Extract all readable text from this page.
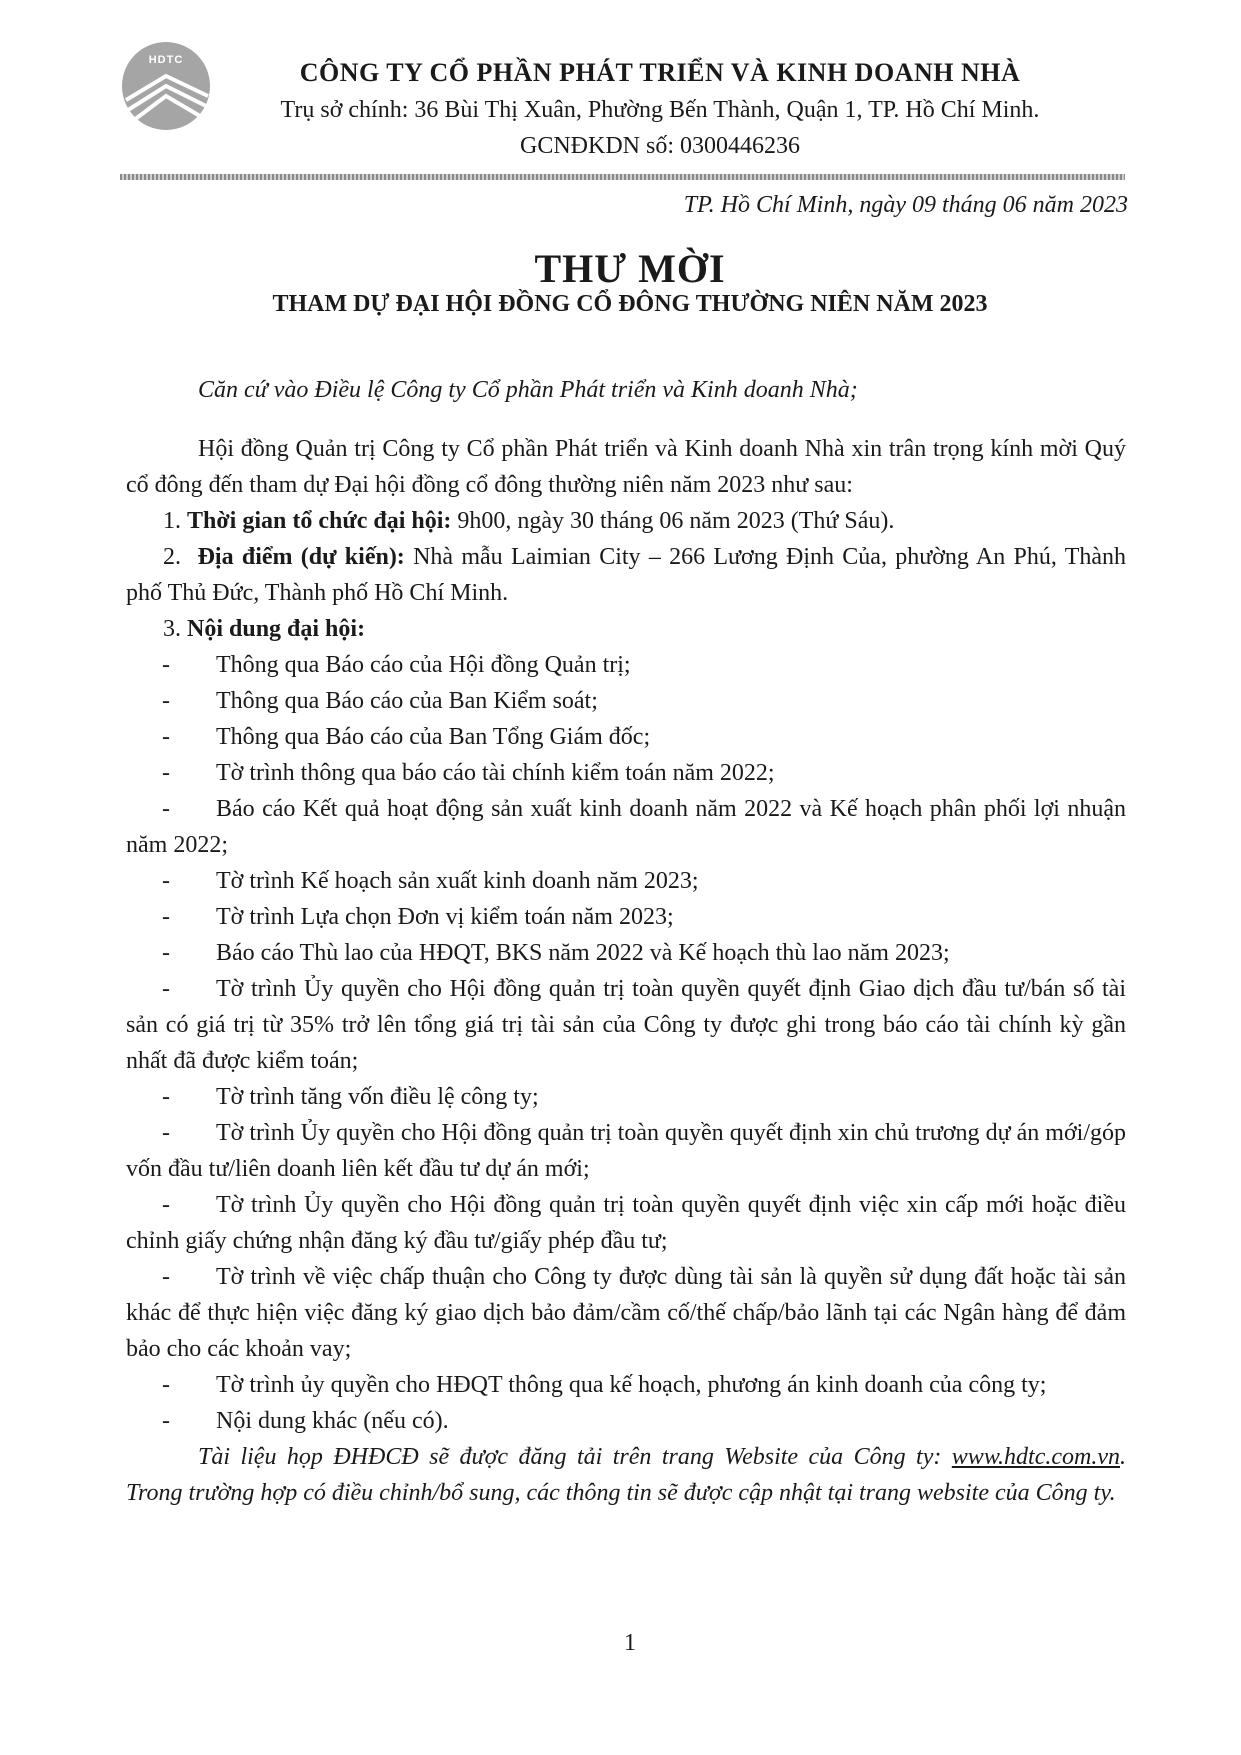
HDTC	CÔNG TY CỔ PHẦN PHÁT TRIỂN VÀ KINH DOANH NHÀ
Trụ sở chính: 36 Bùi Thị Xuân, Phường Bến Thành, Quận 1, TP. Hồ Chí Minh.
GCNĐKDN số: 0300446236
TP. Hồ Chí Minh, ngày 09 tháng 06 năm 2023
THƯ MỜI
THAM DỰ ĐẠI HỘI ĐỒNG CỔ ĐÔNG THƯỜNG NIÊN NĂM 2023

Căn cứ vào Điều lệ Công ty Cổ phần Phát triển và Kinh doanh Nhà;

Hội đồng Quản trị Công ty Cổ phần Phát triển và Kinh doanh Nhà xin trân trọng kính mời Quý cổ đông đến tham dự Đại hội đồng cổ đông thường niên năm 2023 như sau:

1. Thời gian tổ chức đại hội: 9h00, ngày 30 tháng 06 năm 2023 (Thứ Sáu).

2. Địa điểm (dự kiến): Nhà mẫu Laimian City – 266 Lương Định Của, phường An Phú, Thành phố Thủ Đức, Thành phố Hồ Chí Minh.

3. Nội dung đại hội:

- Thông qua Báo cáo của Hội đồng Quản trị;

- Thông qua Báo cáo của Ban Kiểm soát;

- Thông qua Báo cáo của Ban Tổng Giám đốc;

- Tờ trình thông qua báo cáo tài chính kiểm toán năm 2022;

- Báo cáo Kết quả hoạt động sản xuất kinh doanh năm 2022 và Kế hoạch phân phối lợi nhuận năm 2022;

- Tờ trình Kế hoạch sản xuất kinh doanh năm 2023;

- Tờ trình Lựa chọn Đơn vị kiểm toán năm 2023;

- Báo cáo Thù lao của HĐQT, BKS năm 2022 và Kế hoạch thù lao năm 2023;

- Tờ trình Ủy quyền cho Hội đồng quản trị toàn quyền quyết định Giao dịch đầu tư/bán số tài sản có giá trị từ 35% trở lên tổng giá trị tài sản của Công ty được ghi trong báo cáo tài chính kỳ gần nhất đã được kiểm toán;

- Tờ trình tăng vốn điều lệ công ty;

- Tờ trình Ủy quyền cho Hội đồng quản trị toàn quyền quyết định xin chủ trương dự án mới/góp vốn đầu tư/liên doanh liên kết đầu tư dự án mới;

- Tờ trình Ủy quyền cho Hội đồng quản trị toàn quyền quyết định việc xin cấp mới hoặc điều chỉnh giấy chứng nhận đăng ký đầu tư/giấy phép đầu tư;

- Tờ trình về việc chấp thuận cho Công ty được dùng tài sản là quyền sử dụng đất hoặc tài sản khác để thực hiện việc đăng ký giao dịch bảo đảm/cầm cố/thế chấp/bảo lãnh tại các Ngân hàng để đảm bảo cho các khoản vay;

- Tờ trình ủy quyền cho HĐQT thông qua kế hoạch, phương án kinh doanh của công ty;

- Nội dung khác (nếu có).

Tài liệu họp ĐHĐCĐ sẽ được đăng tải trên trang Website của Công ty: www.hdtc.com.vn. Trong trường hợp có điều chỉnh/bổ sung, các thông tin sẽ được cập nhật tại trang website của Công ty.

1
